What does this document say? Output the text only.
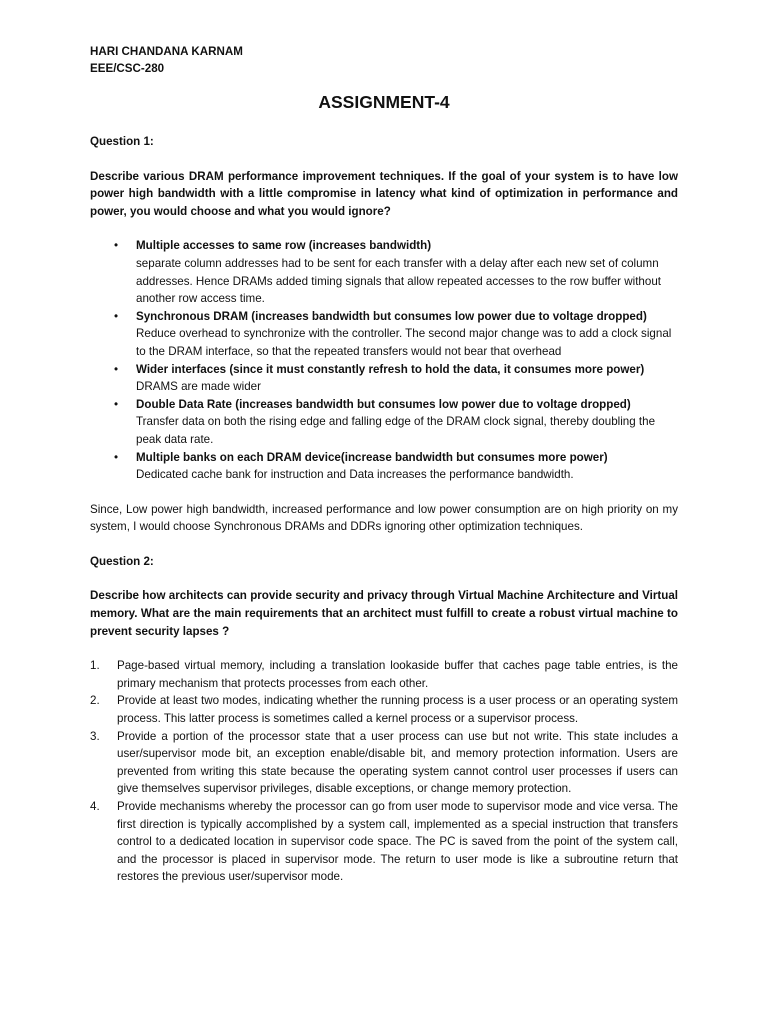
HARI CHANDANA KARNAM
EEE/CSC-280
ASSIGNMENT-4
Question 1:
Describe various DRAM performance improvement techniques. If the goal of your system is to have low power high bandwidth with a little compromise in latency what kind of optimization in performance and power, you would choose and what you would ignore?
• Multiple accesses to same row (increases bandwidth)
separate column addresses had to be sent for each transfer with a delay after each new set of column addresses. Hence DRAMs added timing signals that allow repeated accesses to the row buffer without another row access time.
• Synchronous DRAM (increases bandwidth but consumes low power due to voltage dropped)
Reduce overhead to synchronize with the controller. The second major change was to add a clock signal to the DRAM interface, so that the repeated transfers would not bear that overhead
• Wider interfaces (since it must constantly refresh to hold the data, it consumes more power)
DRAMS are made wider
• Double Data Rate (increases bandwidth but consumes low power due to voltage dropped)
Transfer data on both the rising edge and falling edge of the DRAM clock signal, thereby doubling the peak data rate.
• Multiple banks on each DRAM device(increase bandwidth but consumes more power)
Dedicated cache bank for instruction and Data increases the performance bandwidth.

Since, Low power high bandwidth, increased performance and low power consumption are on high priority on my system, I would choose Synchronous DRAMs and DDRs ignoring other optimization techniques.

Question 2:
Describe how architects can provide security and privacy through Virtual Machine Architecture and Virtual memory. What are the main requirements that an architect must fulfill to create a robust virtual machine to prevent security lapses ?
1. Page-based virtual memory, including a translation lookaside buffer that caches page table entries, is the primary mechanism that protects processes from each other.
2. Provide at least two modes, indicating whether the running process is a user process or an operating system process. This latter process is sometimes called a kernel process or a supervisor process.
3. Provide a portion of the processor state that a user process can use but not write. This state includes a user/supervisor mode bit, an exception enable/disable bit, and memory protection information. Users are prevented from writing this state because the operating system cannot control user processes if users can give themselves supervisor privileges, disable exceptions, or change memory protection.
4. Provide mechanisms whereby the processor can go from user mode to supervisor mode and vice versa. The first direction is typically accomplished by a system call, implemented as a special instruction that transfers control to a dedicated location in supervisor code space. The PC is saved from the point of the system call, and the processor is placed in supervisor mode. The return to user mode is like a subroutine return that restores the previous user/supervisor mode.
